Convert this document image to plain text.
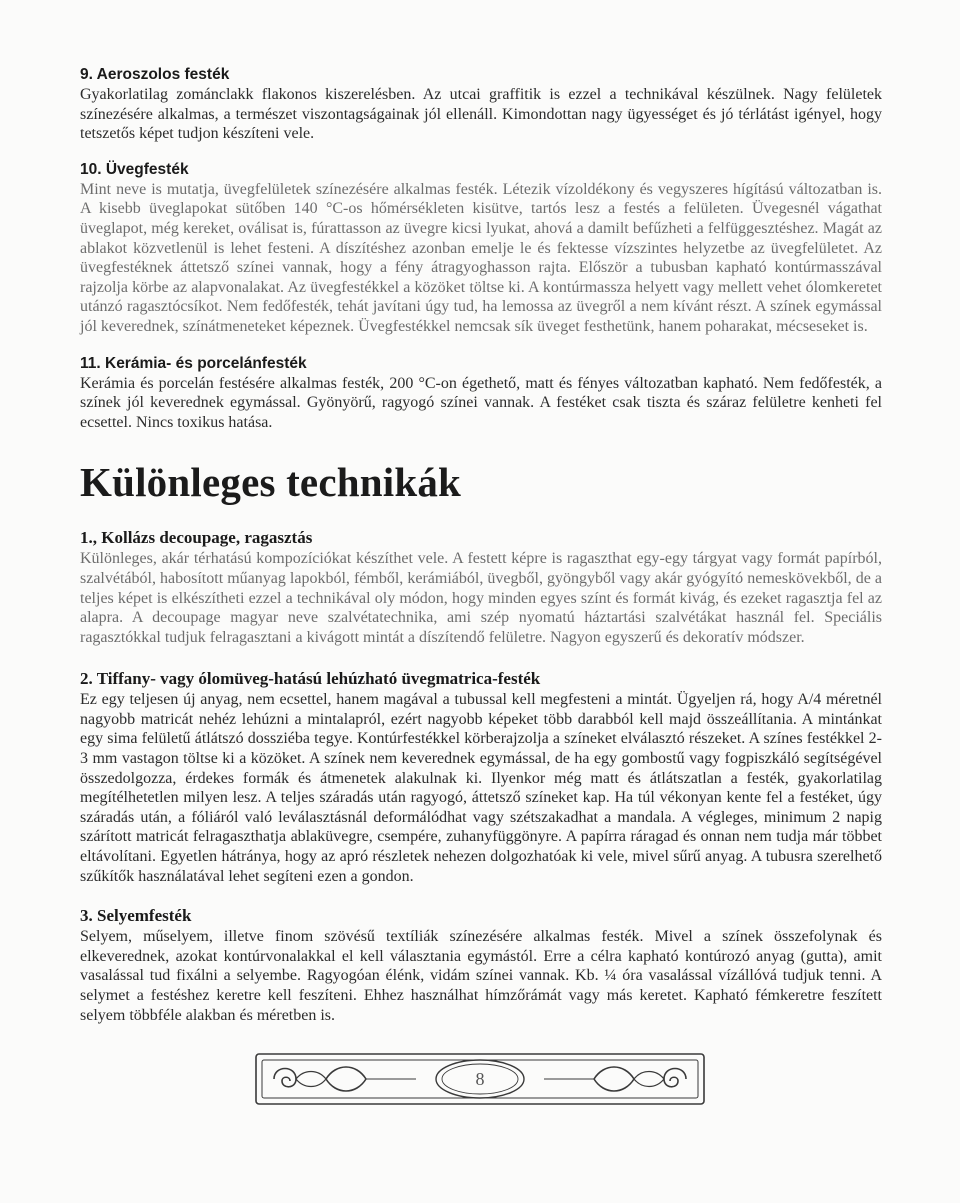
9. Aeroszolos festék

Gyakorlatilag zománclakk flakonos kiszerelésben. Az utcai graffitik is ezzel a technikával készülnek. Nagy felületek színezésére alkalmas, a természet viszontagságainak jól ellenáll. Kimondottan nagy ügyességet és jó térlátást igényel, hogy tetszetős képet tudjon készíteni vele.

10. Üvegfesték

Mint neve is mutatja, üvegfelületek színezésére alkalmas festék. Létezik vízoldékony és vegyszeres hígítású változatban is. A kisebb üveglapokat sütőben 140 °C-os hőmérsékleten kisütve, tartós lesz a festés a felületen. Üvegesnél vágathat üveglapot, még kereket, oválisat is, fúrattasson az üvegre kicsi lyukat, ahová a damilt befűzheti a felfüggesztéshez. Magát az ablakot közvetlenül is lehet festeni. A díszítéshez azonban emelje le és fektesse vízszintes helyzetbe az üvegfelületet. Az üvegfestéknek áttetsző színei vannak, hogy a fény átragyoghasson rajta. Először a tubusban kapható kontúrmasszával rajzolja körbe az alapvonalakat. Az üvegfestékkel a közöket töltse ki. A kontúrmassza helyett vagy mellett vehet ólomkeretet utánzó ragasztócsíkot. Nem fedőfesték, tehát javítani úgy tud, ha lemossa az üvegről a nem kívánt részt. A színek egymással jól keverednek, színátmeneteket képeznek. Üvegfestékkel nemcsak sík üveget festhetünk, hanem poharakat, mécseseket is.

11. Kerámia- és porcelánfesték

Kerámia és porcelán festésére alkalmas festék, 200 °C-on égethető, matt és fényes változatban kapható. Nem fedőfesték, a színek jól keverednek egymással. Gyönyörű, ragyogó színei vannak. A festéket csak tiszta és száraz felületre kenheti fel ecsettel. Nincs toxikus hatása.

Különleges technikák
1., Kollázs decoupage, ragasztás

Különleges, akár térhatású kompozíciókat készíthet vele. A festett képre is ragaszthat egy-egy tárgyat vagy formát papírból, szalvétából, habosított műanyag lapokból, fémből, kerámiából, üvegből, gyöngyből vagy akár gyógyító nemeskövekből, de a teljes képet is elkészítheti ezzel a technikával oly módon, hogy minden egyes színt és formát kivág, és ezeket ragasztja fel az alapra. A decoupage magyar neve szalvétatechnika, ami szép nyomatú háztartási szalvétákat használ fel. Speciális ragasztókkal tudjuk felragasztani a kivágott mintát a díszítendő felületre. Nagyon egyszerű és dekoratív módszer.

2. Tiffany- vagy ólomüveg-hatású lehúzható üvegmatrica-festék

Ez egy teljesen új anyag, nem ecsettel, hanem magával a tubussal kell megfesteni a mintát. Ügyeljen rá, hogy A/4 méretnél nagyobb matricát nehéz lehúzni a mintalapról, ezért nagyobb képeket több darabból kell majd összeállítania. A mintánkat egy sima felületű átlátszó dossziéba tegye. Kontúrfestékkel körberajzolja a színeket elválasztó részeket. A színes festékkel 2-3 mm vastagon töltse ki a közöket. A színek nem keverednek egymással, de ha egy gombostű vagy fogpiszkáló segítségével összedolgozza, érdekes formák és átmenetek alakulnak ki. Ilyenkor még matt és átlátszatlan a festék, gyakorlatilag megítélhetetlen milyen lesz. A teljes száradás után ragyogó, áttetsző színeket kap. Ha túl vékonyan kente fel a festéket, úgy száradás után, a fóliáról való leválasztásnál deformálódhat vagy szétszakadhat a mandala. A végleges, minimum 2 napig szárított matricát felragaszthatja ablaküvegre, csempére, zuhanyfüggönyre. A papírra ráragad és onnan nem tudja már többet eltávolítani. Egyetlen hátránya, hogy az apró részletek nehezen dolgozhatóak ki vele, mivel sűrű anyag. A tubusra szerelhető szűkítők használatával lehet segíteni ezen a gondon.

3. Selyemfesték

Selyem, műselyem, illetve finom szövésű textíliák színezésére alkalmas festék. Mivel a színek összefolynak és elkeverednek, azokat kontúrvonalakkal el kell választania egymástól. Erre a célra kapható kontúrozó anyag (gutta), amit vasalással tud fixálni a selyembe. Ragyogóan élénk, vidám színei vannak. Kb. ¼ óra vasalással vízállóvá tudjuk tenni. A selymet a festéshez keretre kell feszíteni. Ehhez használhat hímzőrámát vagy más keretet. Kapható fémkeretre feszített selyem többféle alakban és méretben is.

8
